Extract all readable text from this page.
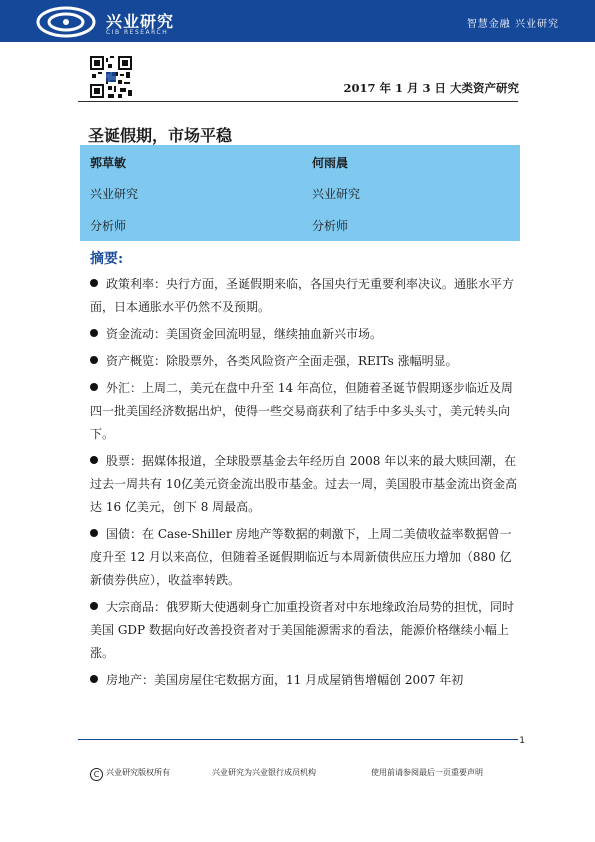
兴业研究
CIB RESEARCH
智慧金融 兴业研究
2017 年 1 月 3 日 大类资产研究
圣诞假期，市场平稳
郭草敏	何雨晨
兴业研究	兴业研究
分析师	分析师
摘要:
政策利率：央行方面，圣诞假期来临，各国央行无重要利率决议。通胀水平方面，日本通胀水平仍然不及预期。
资金流动：美国资金回流明显，继续抽血新兴市场。
资产概览：除股票外，各类风险资产全面走强，REITs 涨幅明显。
外汇：上周二，美元在盘中升至 14 年高位，但随着圣诞节假期逐步临近及周四一批美国经济数据出炉，使得一些交易商获利了结手中多头头寸，美元转头向下。
股票：据媒体报道，全球股票基金去年经历自 2008 年以来的最大赎回潮，在过去一周共有 10亿美元资金流出股市基金。过去一周，美国股市基金流出资金高达 16 亿美元，创下 8 周最高。
国债：在 Case-Shiller 房地产等数据的刺激下，上周二美债收益率数据曾一度升至 12 月以来高位，但随着圣诞假期临近与本周新债供应压力增加（880 亿新债券供应），收益率转跌。
大宗商品：俄罗斯大使遇刺身亡加重投资者对中东地缘政治局势的担忧，同时美国 GDP 数据向好改善投资者对于美国能源需求的看法，能源价格继续小幅上涨。
房地产：美国房屋住宅数据方面，11 月成屋销售增幅创 2007 年初
1
C 兴业研究版权所有	兴业研究为兴业银行成员机构	使用前请参阅最后一页重要声明
